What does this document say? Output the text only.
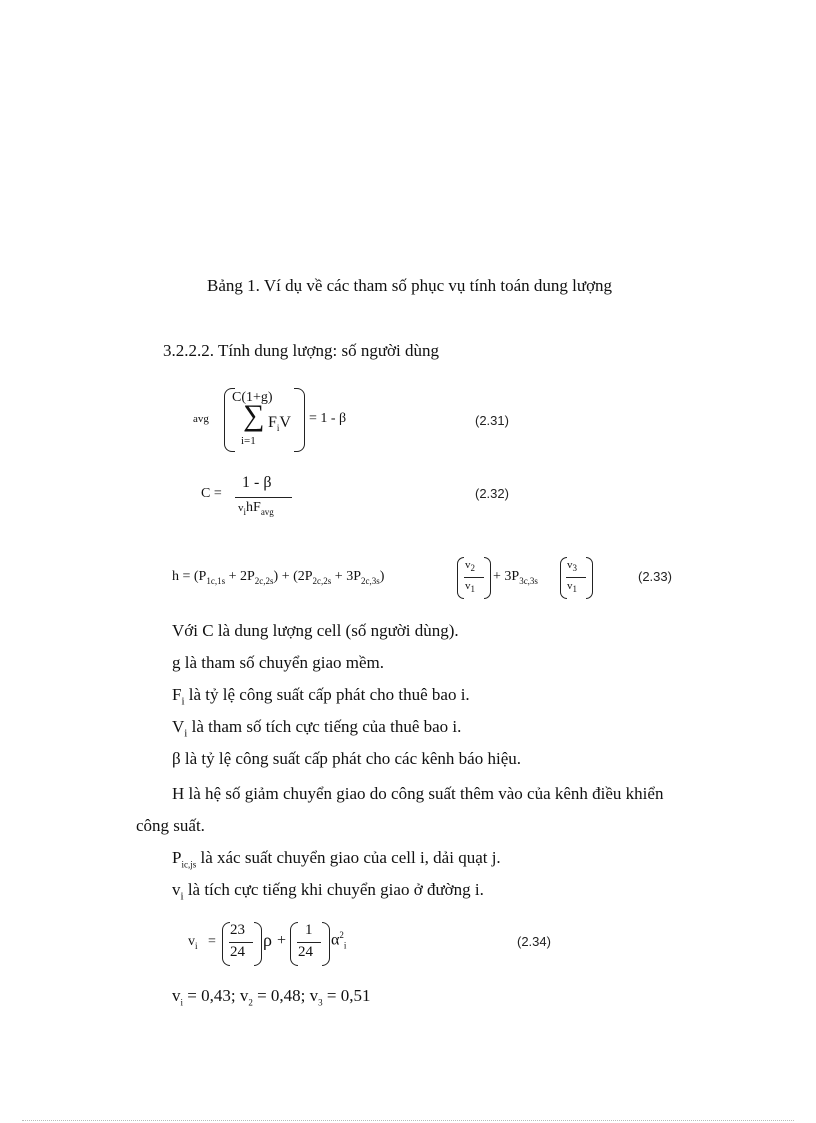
Bảng 1. Ví dụ về các tham số phục vụ tính toán dung lượng
3.2.2.2. Tính dung lượng: số người dùng
avg
C(1+g)
∑ $F_iV$
i=1
= 1 - β	(2.31)
C =
1 - β
$v_ihF_{avg}$
(2.32)
$h = (P_{1c,1s} + 2P_{2c,2s}) + (2P_{2c,2s} + 3P_{2c,3s})$
$v_2$
$v_1$
+ $3P_{3c,3s}$
$v_3$
$v_1$
(2.33)
Với C là dung lượng cell (số người dùng).
g là tham số chuyển giao mềm.
$F_i$ là tỷ lệ công suất cấp phát cho thuê bao i.
$V_i$ là tham số tích cực tiếng của thuê bao i.
β là tỷ lệ công suất cấp phát cho các kênh báo hiệu.
H là hệ số giảm chuyển giao do công suất thêm vào của kênh điều khiển
công suất.
$P_{ic,js}$ là xác suất chuyển giao của cell i, dải quạt j.
$v_i$ là tích cực tiếng khi chuyển giao ở đường i.
$v_i$ =
23
24
ρ +
1
24
$\alpha^2_i$	(2.34)
$v_i = 0,43$; $v_2 = 0,48$; $v_3 = 0,51$
